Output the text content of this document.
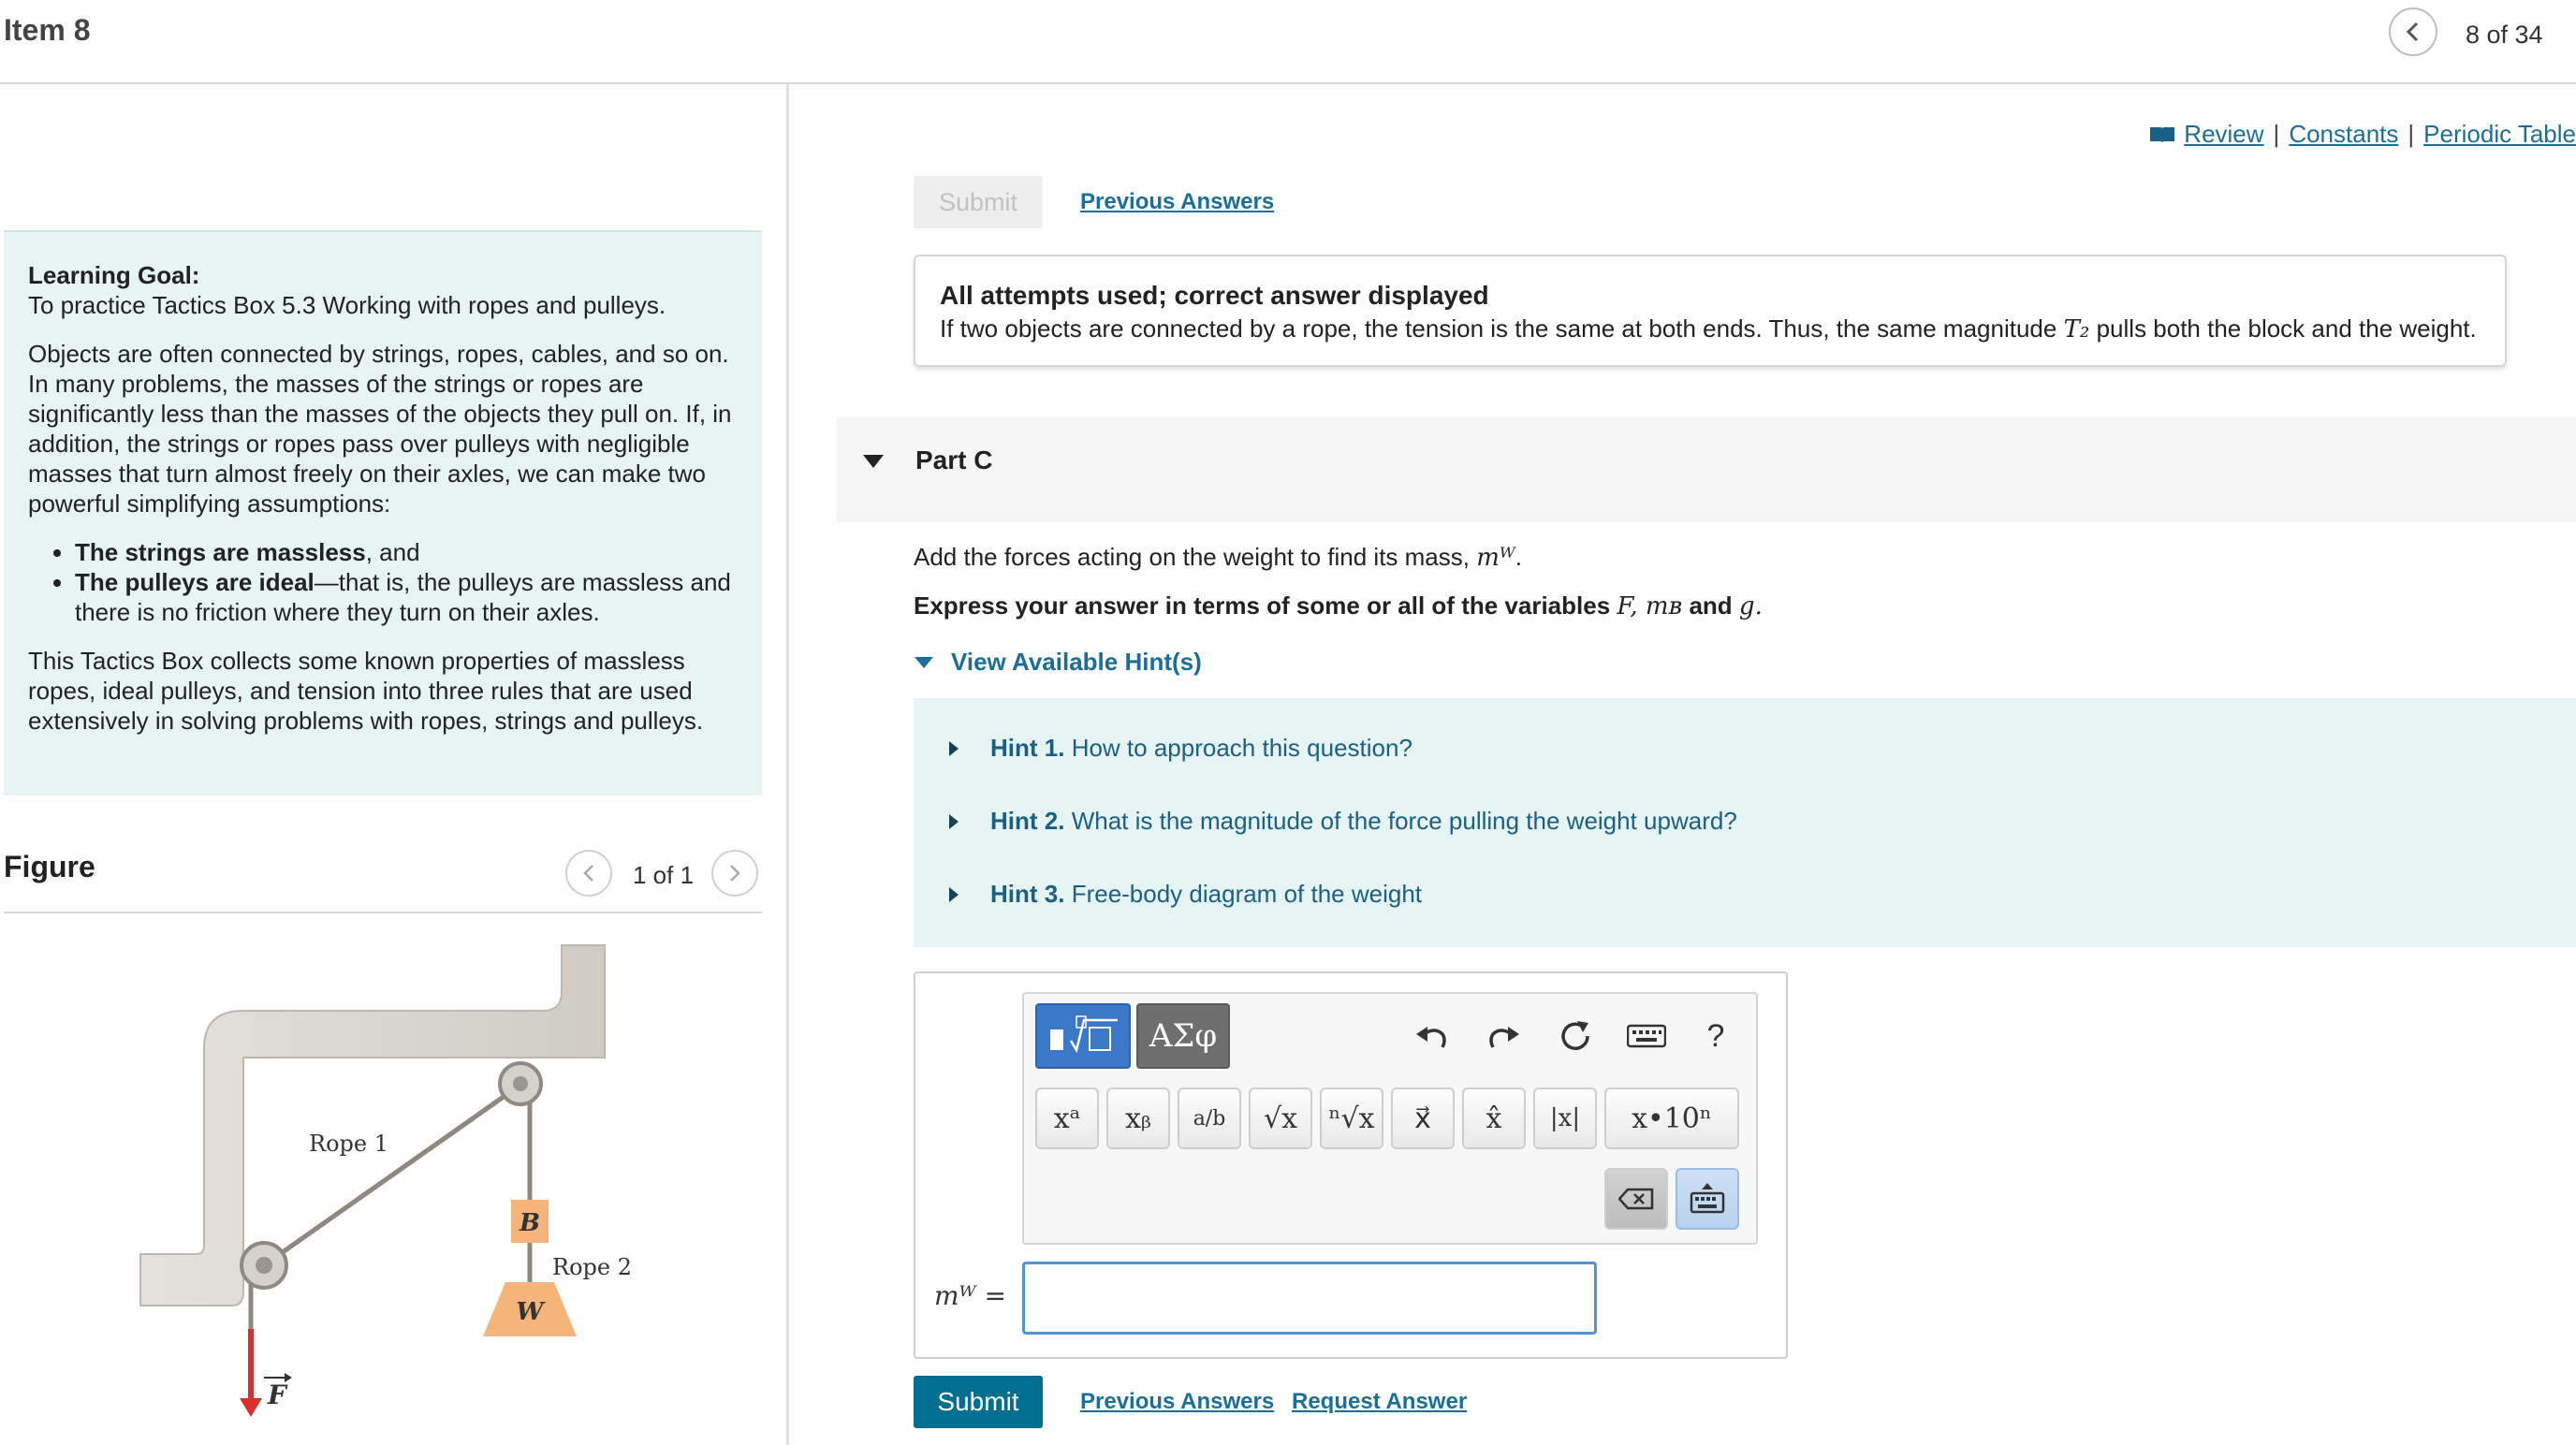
Item 8	8 of 34

Learning Goal:

To practice Tactics Box 5.3 Working with ropes and pulleys.

Objects are often connected by strings, ropes, cables, and so on. In many problems, the masses of the strings or ropes are significantly less than the masses of the objects they pull on. If, in addition, the strings or ropes pass over pulleys with negligible masses that turn almost freely on their axles, we can make two powerful simplifying assumptions:

• The strings are massless, and
• The pulleys are ideal—that is, the pulleys are massless and there is no friction where they turn on their axles.

This Tactics Box collects some known properties of massless ropes, ideal pulleys, and tension into three rules that are used extensively in solving problems with ropes, strings and pulleys.

Figure	1 of 1
B
W
Rope 1
Rope 2
F
Review | Constants | Periodic Table
Submit	Previous Answers
All attempts used; correct answer displayed
If two objects are connected by a rope, the tension is the same at both ends. Thus, the same magnitude T₂ pulls both the block and the weight.
Part C
Add the forces acting on the weight to find its mass, mᵂ.
Express your answer in terms of some or all of the variables F, mʙ and g.
View Available Hint(s)
Hint 1. How to approach this question?
Hint 2. What is the magnitude of the force pulling the weight upward?
Hint 3. Free-body diagram of the weight
ΑΣφ	?
xᵃ	xᵦ	a/b	√x	ⁿ√x	x⃗	x̂	|x|	x•10ⁿ
mᵂ =
Submit	Previous Answers Request Answer
